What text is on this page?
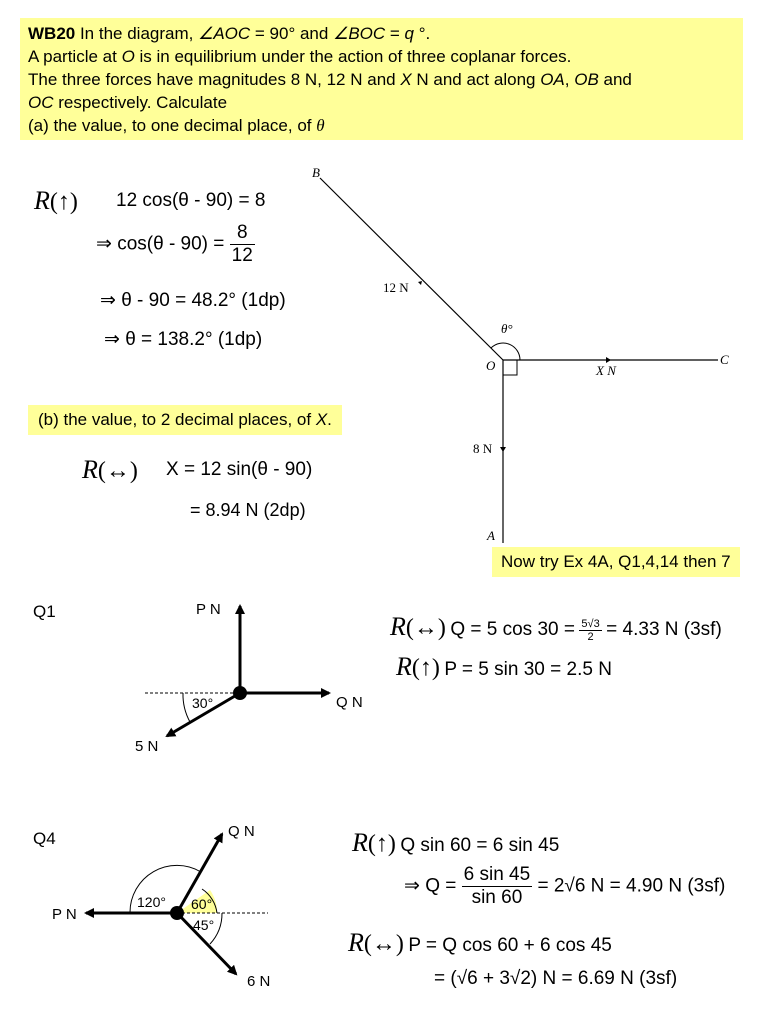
WB20 In the diagram, ∠AOC = 90° and ∠BOC = q °.
A particle at O is in equilibrium under the action of three coplanar forces.
The three forces have magnitudes 8 N, 12 N and X N and act along OA, OB and
OC respectively. Calculate
(a) the value, to one decimal place, of θ
R(↑) 12 cos(θ - 90) = 8
⇒ $\cos(\theta - 90) = \frac{8}{12}$
⇒ θ - 90 = 48.2° (1dp)
⇒ θ = 138.2° (1dp)
(b) the value, to 2 decimal places, of X.
R(↔) X = 12 sin(θ - 90)
= 8.94 N (2dp)
Now try Ex 4A, Q1,4,14 then 7
Q1
R(↔) Q = 5 $\cos 30 = \frac{5√3}{2} = 4.33$ N (3sf)
R(↑) P = 5 sin 30 = 2.5 N
Q4	R(↑) Q sin 60 = 6 sin 45
⇒ $Q = \frac{6 \sin 45}{\sin 60} = 2√6$ N = 4.90 N (3sf)
R(↔) P = Q cos 60 + 6 cos 45
= (√6 + 3√2) N = 6.69 N (3sf)
B
A
C
O
12 N
8 N
X N
θ°
P N
Q N
5 N
30°
Q N
P N
6 N
120° 60°
45°
